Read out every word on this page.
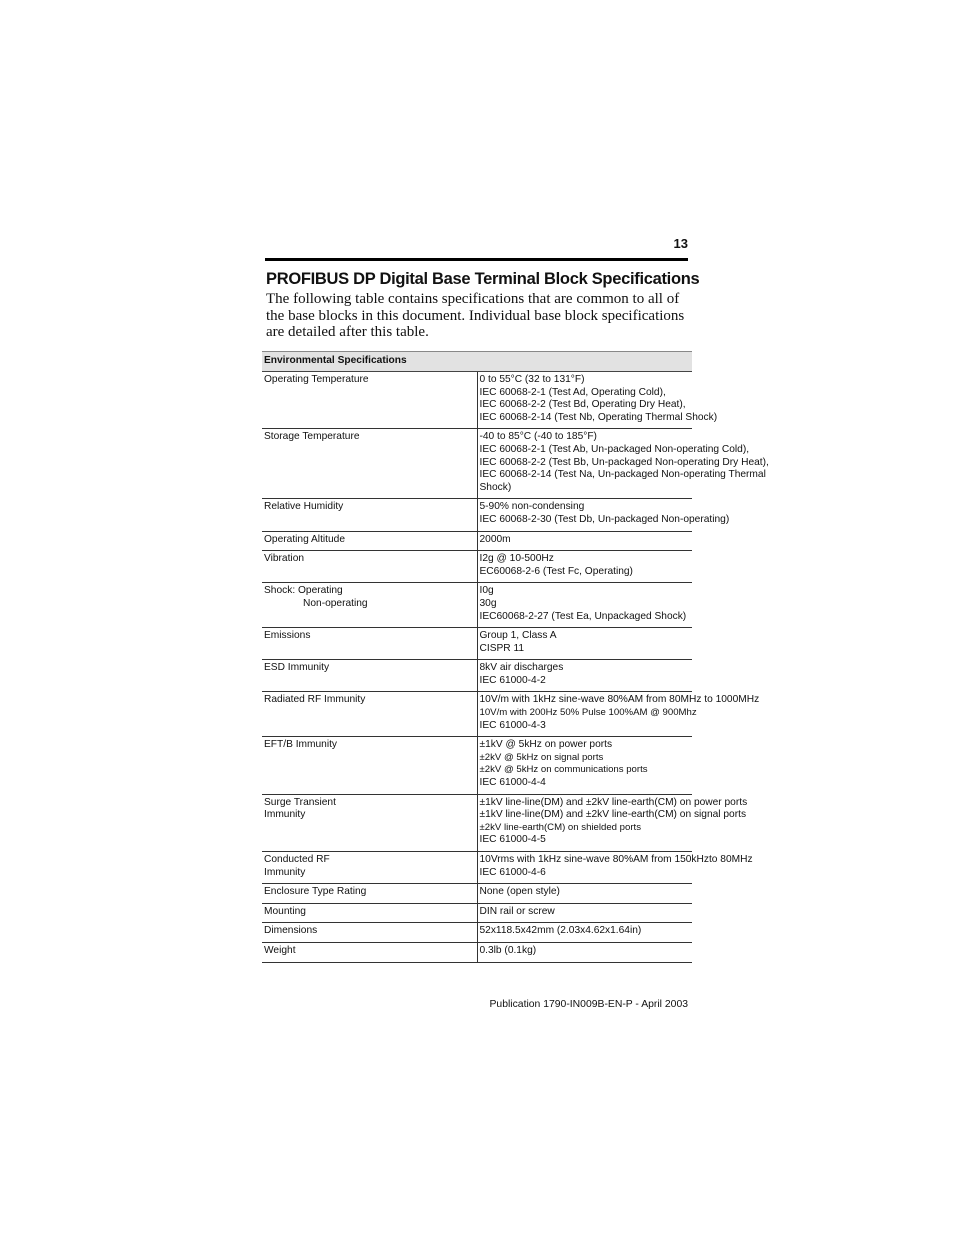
13
PROFIBUS DP Digital Base Terminal Block Specifications
The following table contains specifications that are common to all of the base blocks in this document. Individual base block specifications are detailed after this table.
Environmental Specifications	

Operating Temperature	0 to 55°C (32 to 131°F)
IEC 60068-2-1 (Test Ad, Operating Cold),
IEC 60068-2-2 (Test Bd, Operating Dry Heat),
IEC 60068-2-14 (Test Nb, Operating Thermal Shock)

Storage Temperature	-40 to 85°C (-40 to 185°F)
IEC 60068-2-1 (Test Ab, Un-packaged Non-operating Cold),
IEC 60068-2-2 (Test Bb, Un-packaged Non-operating Dry Heat),
IEC 60068-2-14 (Test Na, Un-packaged Non-operating Thermal
Shock)

Relative Humidity	5-90% non-condensing
IEC 60068-2-30 (Test Db, Un-packaged Non-operating)

Operating Altitude	2000m

Vibration	I2g @ 10-500Hz
EC60068-2-6 (Test Fc, Operating)

Shock: Operating
Non-operating	I0g
30g
IEC60068-2-27 (Test Ea, Unpackaged Shock)

Emissions	Group 1, Class A
CISPR 11

ESD Immunity	8kV air discharges
IEC 61000-4-2

Radiated RF Immunity	10V/m with 1kHz sine-wave 80%AM from 80MHz to 1000MHz
10V/m with 200Hz 50% Pulse 100%AM @ 900Mhz
IEC 61000-4-3

EFT/B Immunity	±1kV @ 5kHz on power ports
±2kV @ 5kHz on signal ports
±2kV @ 5kHz on communications ports
IEC 61000-4-4

Surge Transient
Immunity	±1kV line-line(DM) and ±2kV line-earth(CM) on power ports
±1kV line-line(DM) and ±2kV line-earth(CM) on signal ports
±2kV line-earth(CM) on shielded ports
IEC 61000-4-5

Conducted RF
Immunity	10Vrms with 1kHz sine-wave 80%AM from 150kHzto 80MHz
IEC 61000-4-6

Enclosure Type Rating	None (open style)

Mounting	DIN rail or screw

Dimensions	52x118.5x42mm (2.03x4.62x1.64in)

Weight	0.3lb (0.1kg)
Publication 1790-IN009B-EN-P - April 2003
